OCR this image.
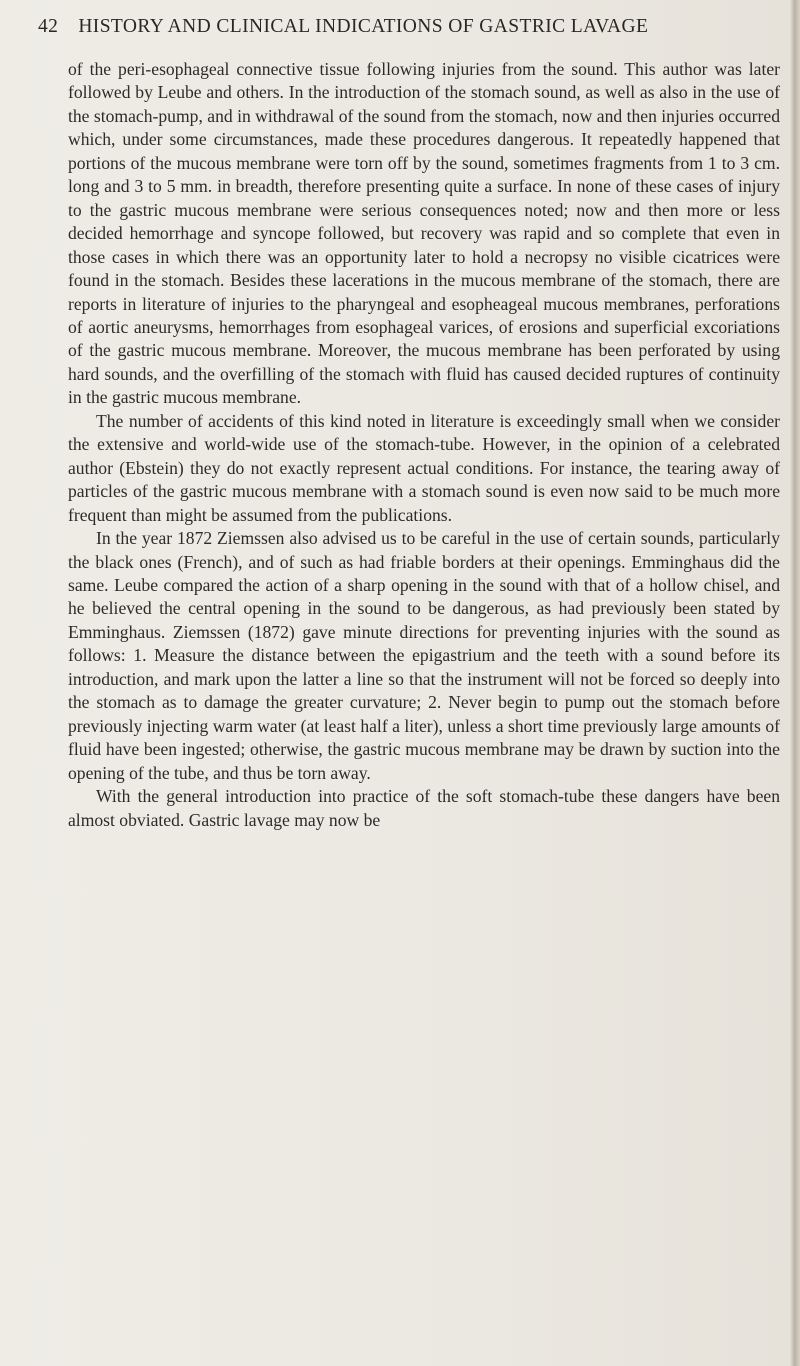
42 HISTORY AND CLINICAL INDICATIONS OF GASTRIC LAVAGE

of the peri-esophageal connective tissue following injuries from the sound. This author was later followed by Leube and others. In the introduction of the stomach sound, as well as also in the use of the stomach-pump, and in withdrawal of the sound from the stomach, now and then injuries occurred which, under some circumstances, made these procedures dangerous. It repeatedly happened that portions of the mucous membrane were torn off by the sound, sometimes fragments from 1 to 3 cm. long and 3 to 5 mm. in breadth, therefore presenting quite a surface. In none of these cases of injury to the gastric mucous membrane were serious consequences noted; now and then more or less decided hemorrhage and syncope followed, but recovery was rapid and so complete that even in those cases in which there was an opportunity later to hold a necropsy no visible cicatrices were found in the stomach. Besides these lacerations in the mucous membrane of the stomach, there are reports in literature of injuries to the pharyngeal and esopheageal mucous membranes, perforations of aortic aneurysms, hemorrhages from esophageal varices, of erosions and superficial excoriations of the gastric mucous membrane. Moreover, the mucous membrane has been perforated by using hard sounds, and the overfilling of the stomach with fluid has caused decided ruptures of continuity in the gastric mucous membrane.

The number of accidents of this kind noted in literature is exceedingly small when we consider the extensive and world-wide use of the stomach-tube. However, in the opinion of a celebrated author (Ebstein) they do not exactly represent actual conditions. For instance, the tearing away of particles of the gastric mucous membrane with a stomach sound is even now said to be much more frequent than might be assumed from the publications.

In the year 1872 Ziemssen also advised us to be careful in the use of certain sounds, particularly the black ones (French), and of such as had friable borders at their openings. Emminghaus did the same. Leube compared the action of a sharp opening in the sound with that of a hollow chisel, and he believed the central opening in the sound to be dangerous, as had previously been stated by Emminghaus. Ziemssen (1872) gave minute directions for preventing injuries with the sound as follows: 1. Measure the distance between the epigastrium and the teeth with a sound before its introduction, and mark upon the latter a line so that the instrument will not be forced so deeply into the stomach as to damage the greater curvature; 2. Never begin to pump out the stomach before previously injecting warm water (at least half a liter), unless a short time previously large amounts of fluid have been ingested; otherwise, the gastric mucous membrane may be drawn by suction into the opening of the tube, and thus be torn away.

With the general introduction into practice of the soft stomach-tube these dangers have been almost obviated. Gastric lavage may now be
